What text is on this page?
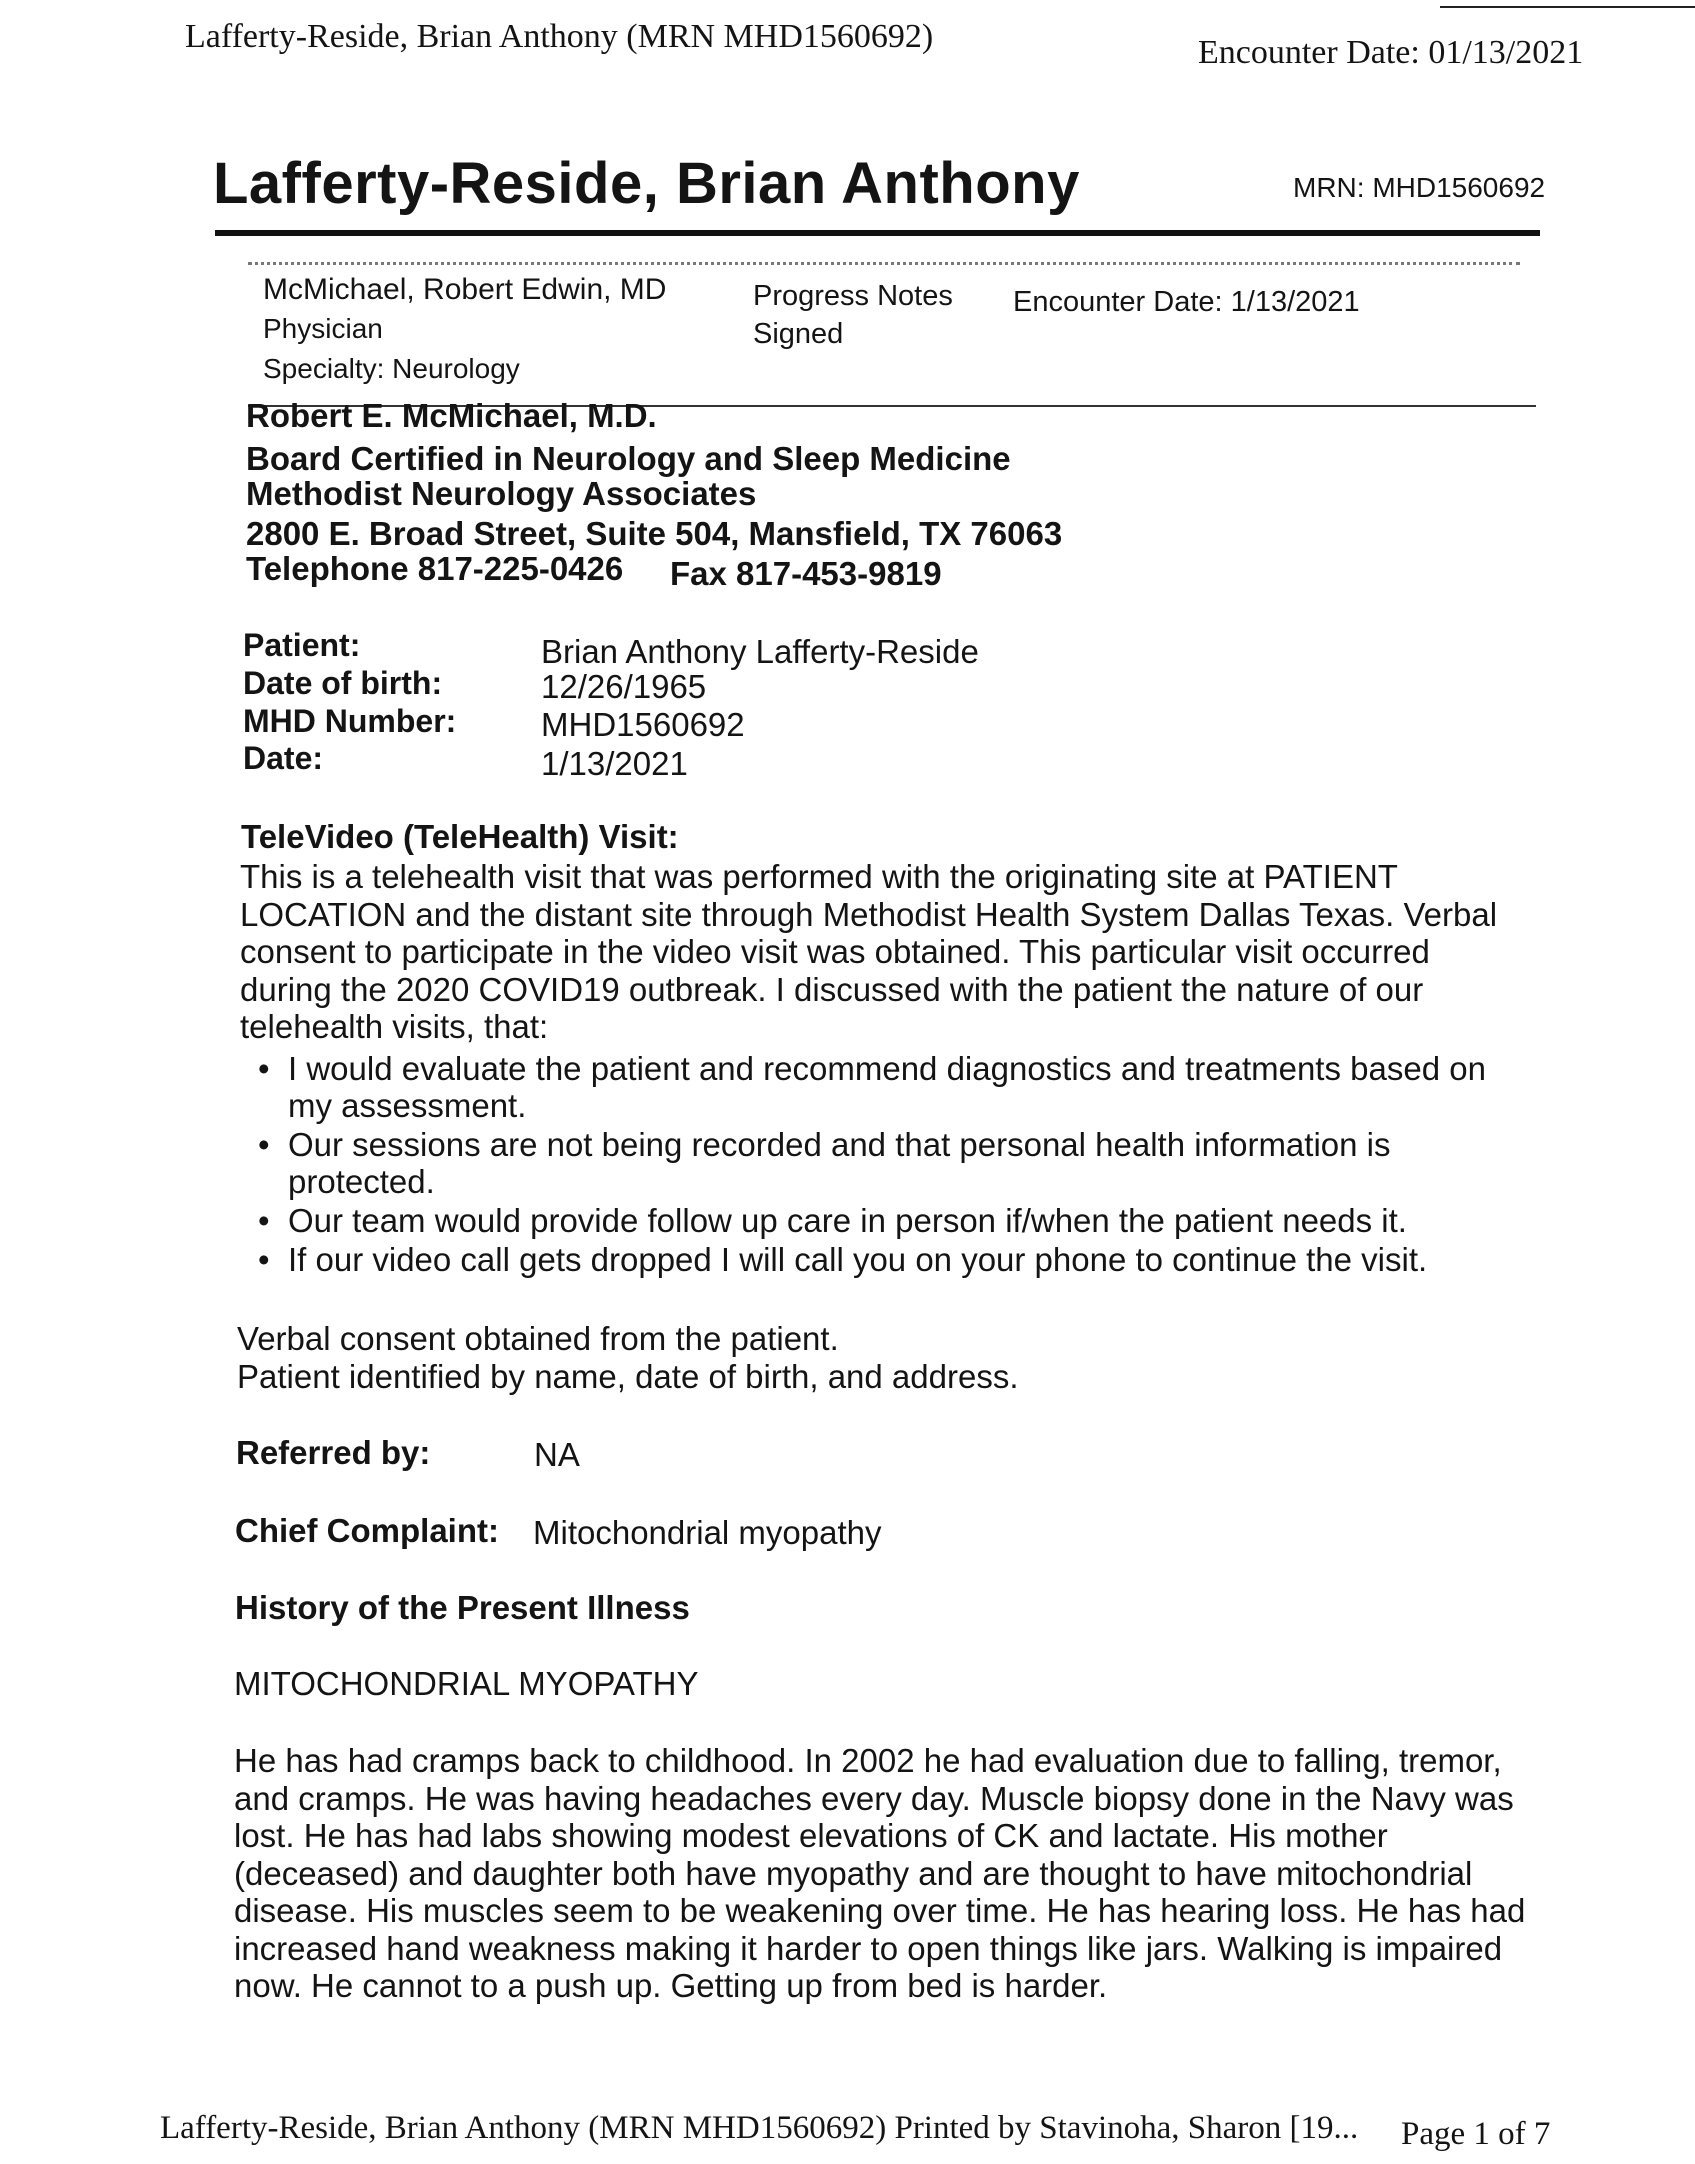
Lafferty-Reside, Brian Anthony (MRN MHD1560692)	Encounter Date: 01/13/2021
Lafferty-Reside, Brian Anthony	MRN: MHD1560692
McMichael, Robert Edwin, MD
Physician
Specialty: Neurology
Progress Notes
Signed
Encounter Date: 1/13/2021
Robert E. McMichael, M.D.
Board Certified in Neurology and Sleep Medicine
Methodist Neurology Associates
2800 E. Broad Street, Suite 504, Mansfield, TX 76063
Telephone 817-225-0426 Fax 817-453-9819
Patient:	Brian Anthony Lafferty-Reside
Date of birth:	12/26/1965
MHD Number:	MHD1560692
Date:	1/13/2021
TeleVideo (TeleHealth) Visit:
This is a telehealth visit that was performed with the originating site at PATIENT LOCATION and the distant site through Methodist Health System Dallas Texas. Verbal consent to participate in the video visit was obtained. This particular visit occurred during the 2020 COVID19 outbreak. I discussed with the patient the nature of our telehealth visits, that:
• I would evaluate the patient and recommend diagnostics and treatments based on my assessment.
• Our sessions are not being recorded and that personal health information is protected.
• Our team would provide follow up care in person if/when the patient needs it.
• If our video call gets dropped I will call you on your phone to continue the visit.
Verbal consent obtained from the patient.
Patient identified by name, date of birth, and address.
Referred by:	NA
Chief Complaint: Mitochondrial myopathy
History of the Present Illness
MITOCHONDRIAL MYOPATHY
He has had cramps back to childhood. In 2002 he had evaluation due to falling, tremor, and cramps. He was having headaches every day. Muscle biopsy done in the Navy was lost. He has had labs showing modest elevations of CK and lactate. His mother (deceased) and daughter both have myopathy and are thought to have mitochondrial disease. His muscles seem to be weakening over time. He has hearing loss. He has had increased hand weakness making it harder to open things like jars. Walking is impaired now. He cannot to a push up. Getting up from bed is harder.
Lafferty-Reside, Brian Anthony (MRN MHD1560692) Printed by Stavinoha, Sharon [19... Page 1 of 7
